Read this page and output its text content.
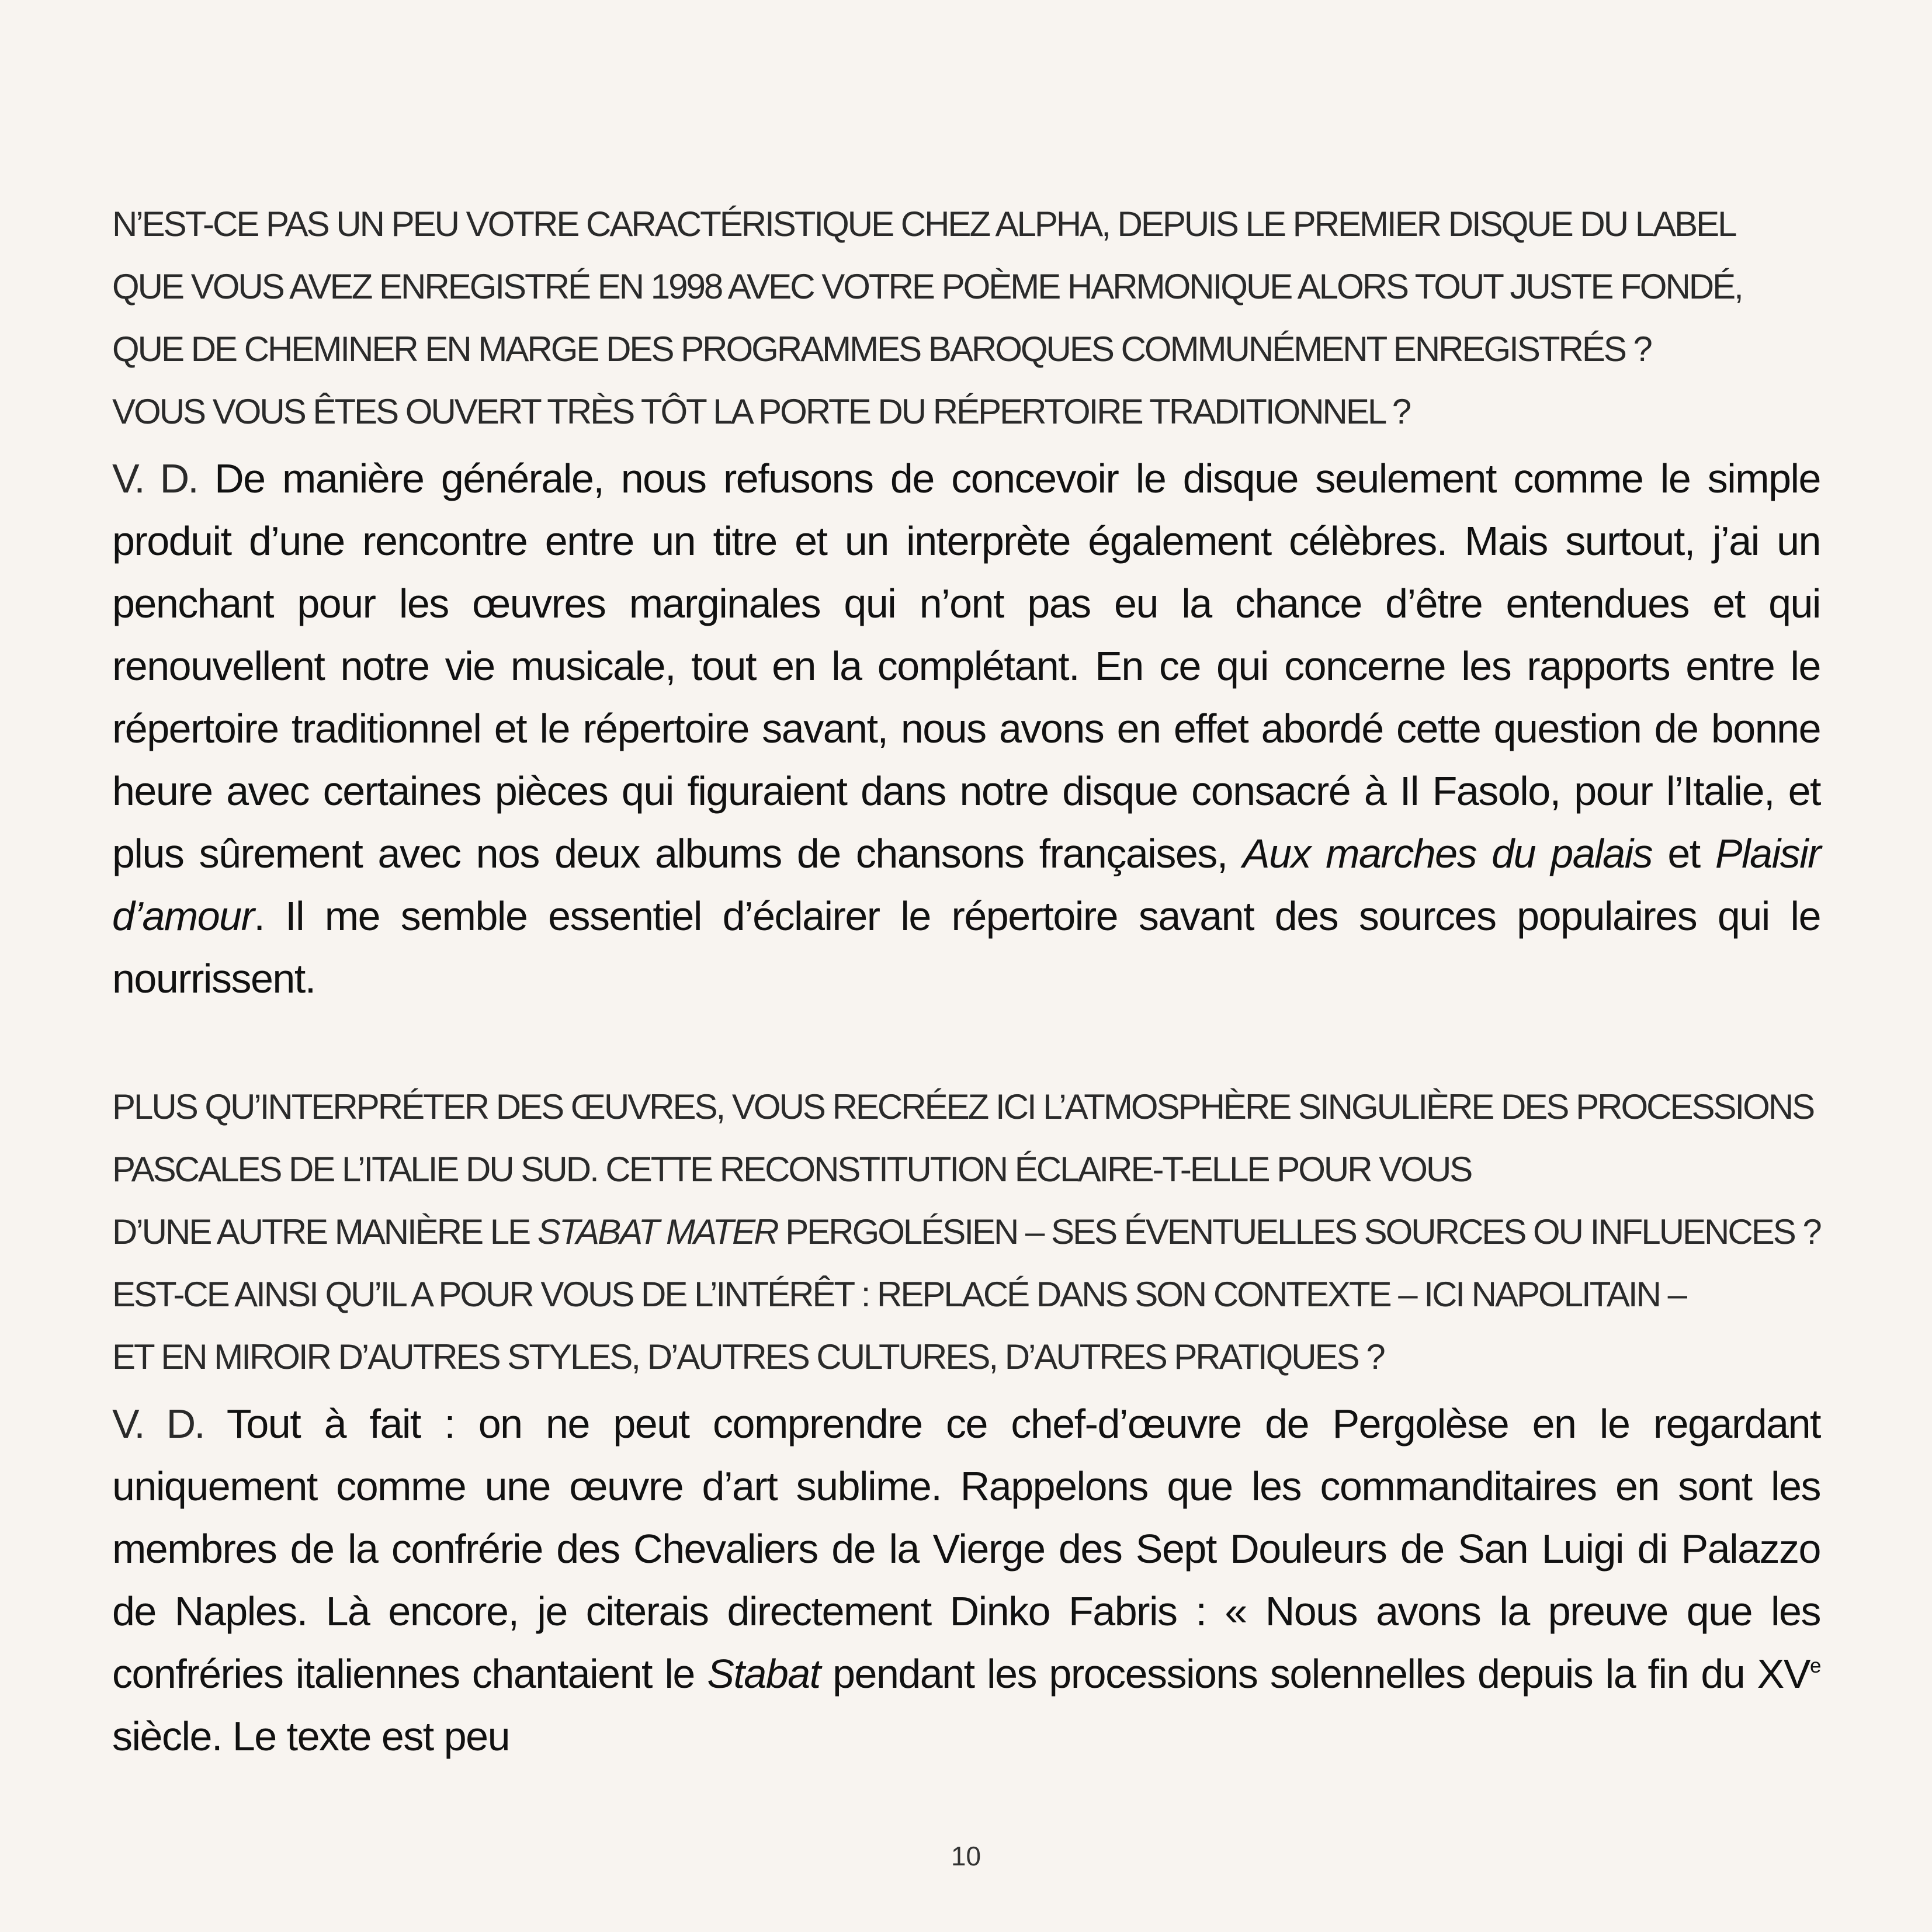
N’EST-CE PAS UN PEU VOTRE CARACTÉRISTIQUE CHEZ ALPHA, DEPUIS LE PREMIER DISQUE DU LABEL
QUE VOUS AVEZ ENREGISTRÉ EN 1998 AVEC VOTRE POÈME HARMONIQUE ALORS TOUT JUSTE FONDÉ,
QUE DE CHEMINER EN MARGE DES PROGRAMMES BAROQUES COMMUNÉMENT ENREGISTRÉS ?
VOUS VOUS ÊTES OUVERT TRÈS TÔT LA PORTE DU RÉPERTOIRE TRADITIONNEL ?

V. D. De manière générale, nous refusons de concevoir le disque seulement comme le simple produit d’une rencontre entre un titre et un interprète également célèbres. Mais surtout, j’ai un penchant pour les œuvres marginales qui n’ont pas eu la chance d’être entendues et qui renouvellent notre vie musicale, tout en la complétant. En ce qui concerne les rapports entre le répertoire traditionnel et le répertoire savant, nous avons en effet abordé cette question de bonne heure avec certaines pièces qui figuraient dans notre disque consacré à Il Fasolo, pour l’Italie, et plus sûrement avec nos deux albums de chansons françaises, Aux marches du palais et Plaisir d’amour. Il me semble essentiel d’éclairer le répertoire savant des sources populaires qui le nourrissent.

PLUS QU’INTERPRÉTER DES ŒUVRES, VOUS RECRÉEZ ICI L’ATMOSPHÈRE SINGULIÈRE DES PROCESSIONS
PASCALES DE L’ITALIE DU SUD. CETTE RECONSTITUTION ÉCLAIRE-T-ELLE POUR VOUS
D’UNE AUTRE MANIÈRE LE STABAT MATER PERGOLÉSIEN – SES ÉVENTUELLES SOURCES OU INFLUENCES ?
EST-CE AINSI QU’IL A POUR VOUS DE L’INTÉRÊT : REPLACÉ DANS SON CONTEXTE – ICI NAPOLITAIN –
ET EN MIROIR D’AUTRES STYLES, D’AUTRES CULTURES, D’AUTRES PRATIQUES ?

V. D. Tout à fait : on ne peut comprendre ce chef-d’œuvre de Pergolèse en le regardant uniquement comme une œuvre d’art sublime. Rappelons que les commanditaires en sont les membres de la confrérie des Chevaliers de la Vierge des Sept Douleurs de San Luigi di Palazzo de Naples. Là encore, je citerais directement Dinko Fabris : « Nous avons la preuve que les confréries italiennes chantaient le Stabat pendant les processions solennelles depuis la fin du XVe siècle. Le texte est peu

10
